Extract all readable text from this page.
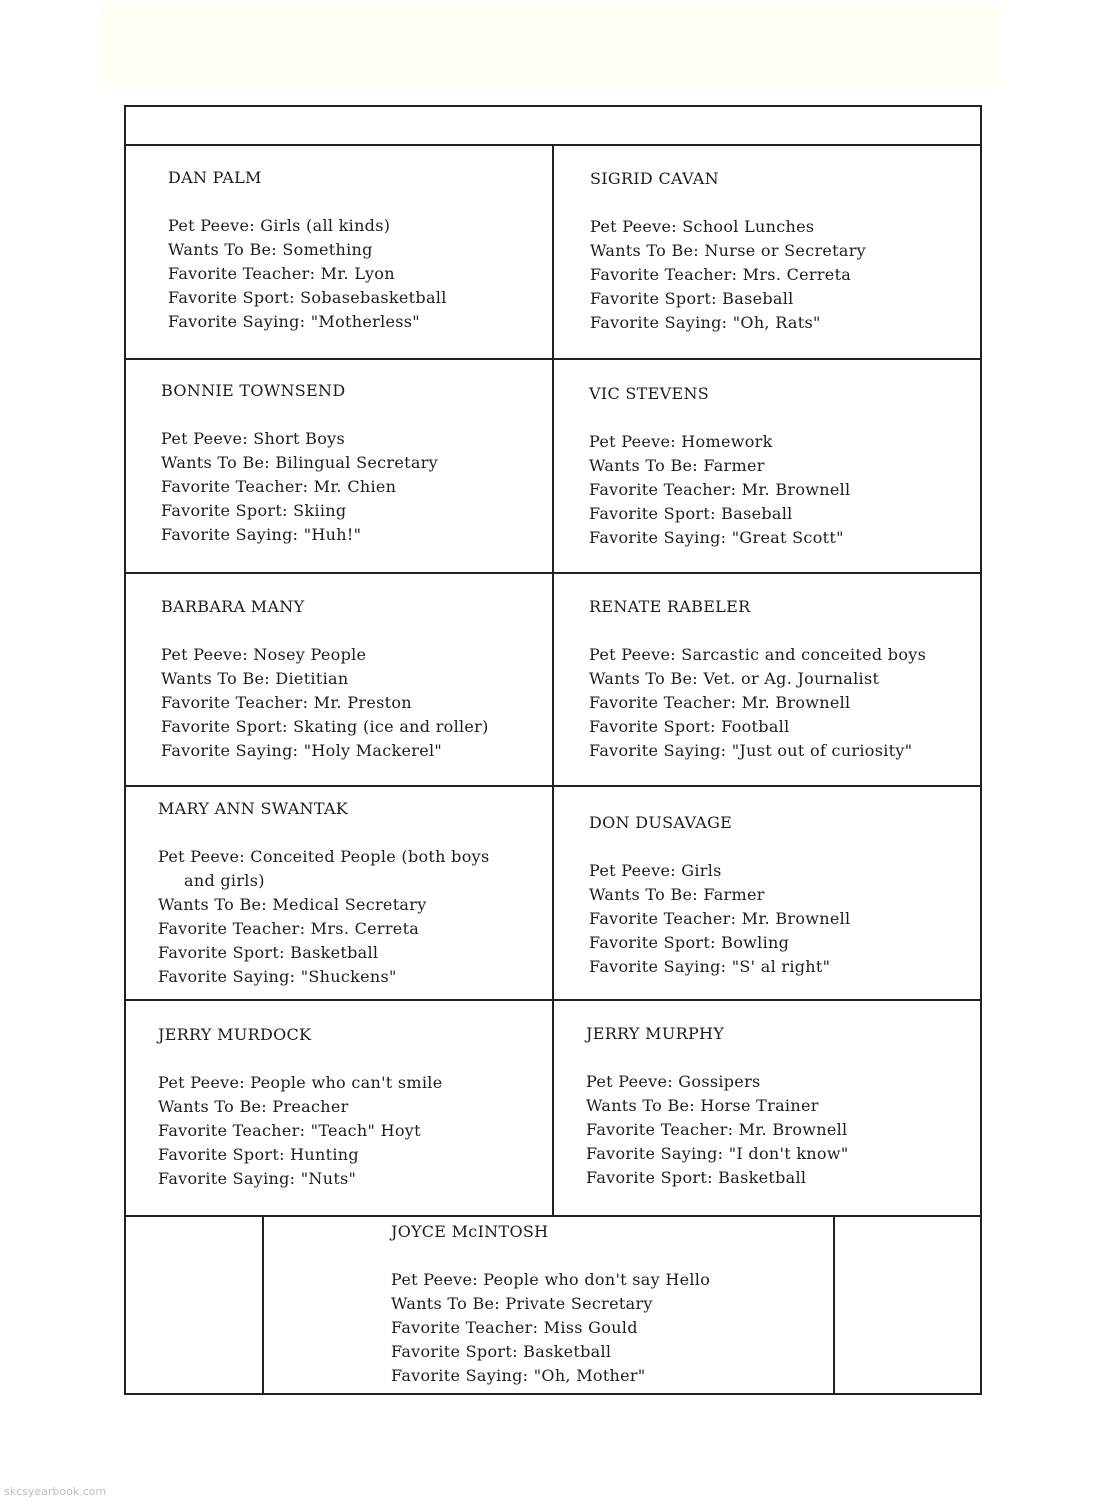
DAN PALM
Pet Peeve: Girls (all kinds)
Wants To Be: Something
Favorite Teacher: Mr. Lyon
Favorite Sport: Sobasebasketball
Favorite Saying: "Motherless"
SIGRID CAVAN
Pet Peeve: School Lunches
Wants To Be: Nurse or Secretary
Favorite Teacher: Mrs. Cerreta
Favorite Sport: Baseball
Favorite Saying: "Oh, Rats"
BONNIE TOWNSEND
Pet Peeve: Short Boys
Wants To Be: Bilingual Secretary
Favorite Teacher: Mr. Chien
Favorite Sport: Skiing
Favorite Saying: "Huh!"
VIC STEVENS
Pet Peeve: Homework
Wants To Be: Farmer
Favorite Teacher: Mr. Brownell
Favorite Sport: Baseball
Favorite Saying: "Great Scott"
BARBARA MANY
Pet Peeve: Nosey People
Wants To Be: Dietitian
Favorite Teacher: Mr. Preston
Favorite Sport: Skating (ice and roller)
Favorite Saying: "Holy Mackerel"
RENATE RABELER
Pet Peeve: Sarcastic and conceited boys
Wants To Be: Vet. or Ag. Journalist
Favorite Teacher: Mr. Brownell
Favorite Sport: Football
Favorite Saying: "Just out of curiosity"
MARY ANN SWANTAK
Pet Peeve: Conceited People (both boys
and girls)
Wants To Be: Medical Secretary
Favorite Teacher: Mrs. Cerreta
Favorite Sport: Basketball
Favorite Saying: "Shuckens"
DON DUSAVAGE
Pet Peeve: Girls
Wants To Be: Farmer
Favorite Teacher: Mr. Brownell
Favorite Sport: Bowling
Favorite Saying: "S' al right"
JERRY MURDOCK
Pet Peeve: People who can't smile
Wants To Be: Preacher
Favorite Teacher: "Teach" Hoyt
Favorite Sport: Hunting
Favorite Saying: "Nuts"
JERRY MURPHY
Pet Peeve: Gossipers
Wants To Be: Horse Trainer
Favorite Teacher: Mr. Brownell
Favorite Saying: "I don't know"
Favorite Sport: Basketball
JOYCE McINTOSH
Pet Peeve: People who don't say Hello
Wants To Be: Private Secretary
Favorite Teacher: Miss Gould
Favorite Sport: Basketball
Favorite Saying: "Oh, Mother"
skcsyearbook.com
